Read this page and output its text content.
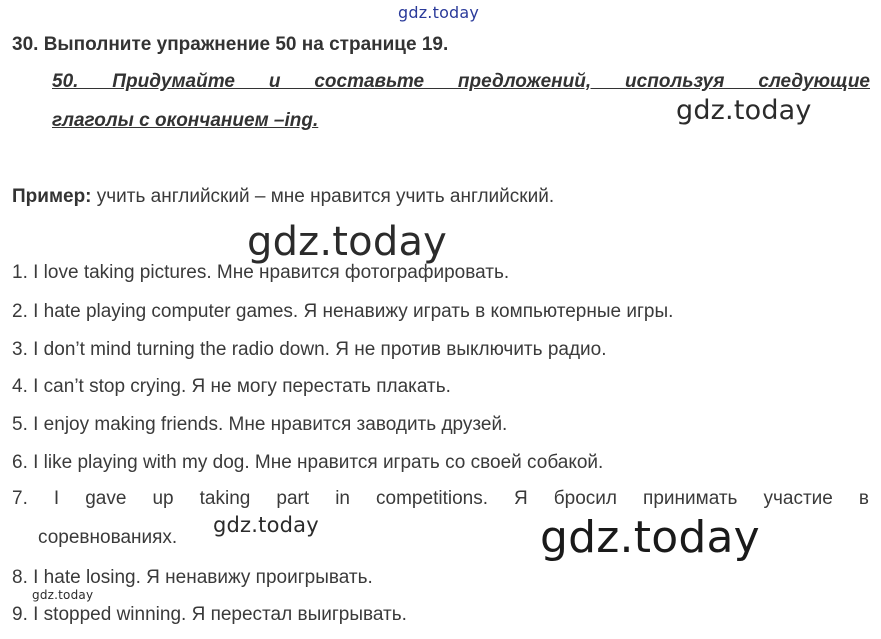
gdz.today
30. Выполните упражнение 50 на странице 19.
50. Придумайте и составьте предложений, используя следующие
глаголы с окончанием –ing.	gdz.today
Пример: учить английский – мне нравится учить английский.
gdz.today
1. I love taking pictures. Мне нравится фотографировать.
2. I hate playing computer games. Я ненавижу играть в компьютерные игры.
3. I don’t mind turning the radio down. Я не против выключить радио.
4. I can’t stop crying. Я не могу перестать плакать.
5. I enjoy making friends. Мне нравится заводить друзей.
6. I like playing with my dog. Мне нравится играть со своей собакой.
7. I gave up taking part in competitions. Я бросил принимать участие в
соревнованиях.
gdz.today	gdz.today
8. I hate losing. Я ненавижу проигрывать.
gdz.today
9. I stopped winning. Я перестал выигрывать.
